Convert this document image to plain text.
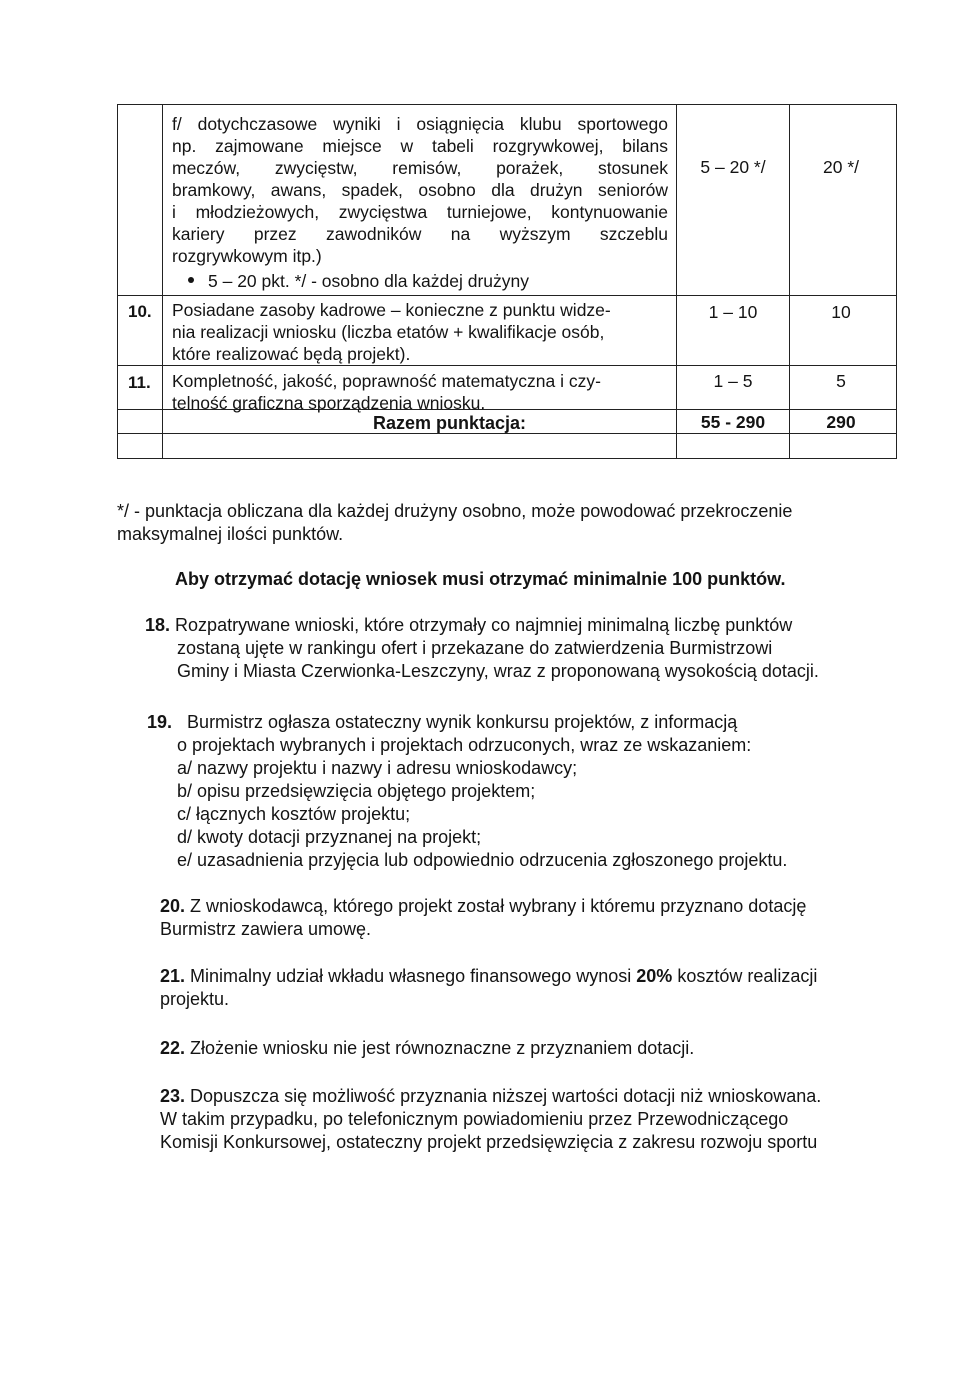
f/ dotychczasowe wyniki i osiągnięcia klubu sportowego
np. zajmowane miejsce w tabeli rozgrywkowej, bilans
meczów, zwycięstw, remisów, porażek, stosunek
bramkowy, awans, spadek, osobno dla drużyn seniorów
i młodzieżowych, zwycięstwa turniejowe, kontynuowanie
kariery przez zawodników na wyższym szczeblu
rozgrywkowym itp.)
5 – 20 pkt. */ - osobno dla każdej drużyny
5 – 20 */	20 */
10. Posiadane zasoby kadrowe – konieczne z punktu widze-
nia realizacji wniosku (liczba etatów + kwalifikacje osób,
które realizować będą projekt).
1 – 10	10
11. Kompletność, jakość, poprawność matematyczna i czy-
telność graficzna sporządzenia wniosku.
1 – 5	5
Razem punktacja:	55 - 290	290
*/ - punktacja obliczana dla każdej drużyny osobno, może powodować przekroczenie
maksymalnej ilości punktów.
Aby otrzymać dotację wniosek musi otrzymać minimalnie 100 punktów.
18. Rozpatrywane wnioski, które otrzymały co najmniej minimalną liczbę punktów
zostaną ujęte w rankingu ofert i przekazane do zatwierdzenia Burmistrzowi
Gminy i Miasta Czerwionka-Leszczyny, wraz z proponowaną wysokością dotacji.
19. Burmistrz ogłasza ostateczny wynik konkursu projektów, z informacją
o projektach wybranych i projektach odrzuconych, wraz ze wskazaniem:
a/ nazwy projektu i nazwy i adresu wnioskodawcy;
b/ opisu przedsięwzięcia objętego projektem;
c/ łącznych kosztów projektu;
d/ kwoty dotacji przyznanej na projekt;
e/ uzasadnienia przyjęcia lub odpowiednio odrzucenia zgłoszonego projektu.
20. Z wnioskodawcą, którego projekt został wybrany i któremu przyznano dotację
Burmistrz zawiera umowę.
21. Minimalny udział wkładu własnego finansowego wynosi 20% kosztów realizacji
projektu.
22. Złożenie wniosku nie jest równoznaczne z przyznaniem dotacji.
23. Dopuszcza się możliwość przyznania niższej wartości dotacji niż wnioskowana.
W takim przypadku, po telefonicznym powiadomieniu przez Przewodniczącego
Komisji Konkursowej, ostateczny projekt przedsięwzięcia z zakresu rozwoju sportu
